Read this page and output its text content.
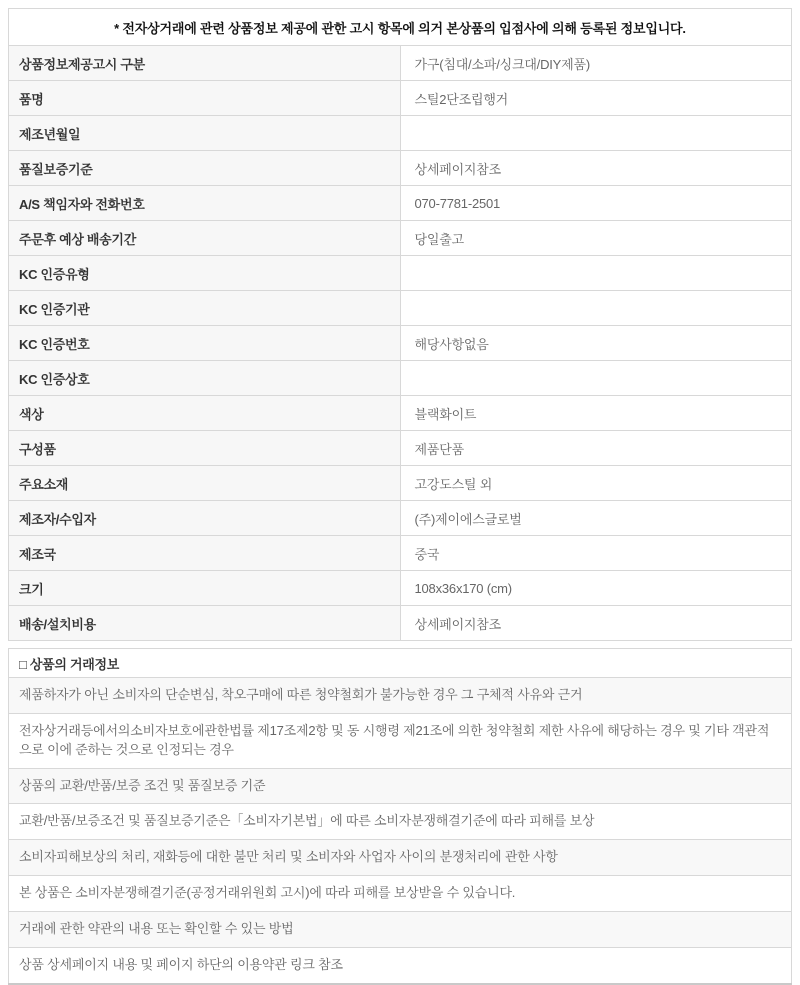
* 전자상거래에 관련 상품정보 제공에 관한 고시 항목에 의거 본상품의 입점사에 의해 등록된 정보입니다.	
상품정보제공고시 구분	가구(침대/소파/싱크대/DIY제품)
품명	스틸2단조립행거
제조년월일	
품질보증기준	상세페이지참조
A/S 책임자와 전화번호	070-7781-2501
주문후 예상 배송기간	당일출고
KC 인증유형	
KC 인증기관	
KC 인증번호	해당사항없음
KC 인증상호	
색상	블랙화이트
구성품	제품단품
주요소재	고강도스틸 외
제조자/수입자	(주)제이에스글로벌
제조국	중국
크기	108x36x170 (cm)
배송/설치비용	상세페이지참조
□ 상품의 거래정보
제품하자가 아닌 소비자의 단순변심, 착오구매에 따른 청약철회가 불가능한 경우 그 구체적 사유와 근거
전자상거래등에서의소비자보호에관한법률 제17조제2항 및 동 시행령 제21조에 의한 청약철회 제한 사유에 해당하는 경우 및 기타 객관적으로 이에 준하는 것으로 인정되는 경우
상품의 교환/반품/보증 조건 및 품질보증 기준
교환/반품/보증조건 및 품질보증기준은「소비자기본법」에 따른 소비자분쟁해결기준에 따라 피해를 보상
소비자피해보상의 처리, 재화등에 대한 불만 처리 및 소비자와 사업자 사이의 분쟁처리에 관한 사항
본 상품은 소비자분쟁해결기준(공정거래위원회 고시)에 따라 피해를 보상받을 수 있습니다.
거래에 관한 약관의 내용 또는 확인할 수 있는 방법
상품 상세페이지 내용 및 페이지 하단의 이용약관 링크 참조
